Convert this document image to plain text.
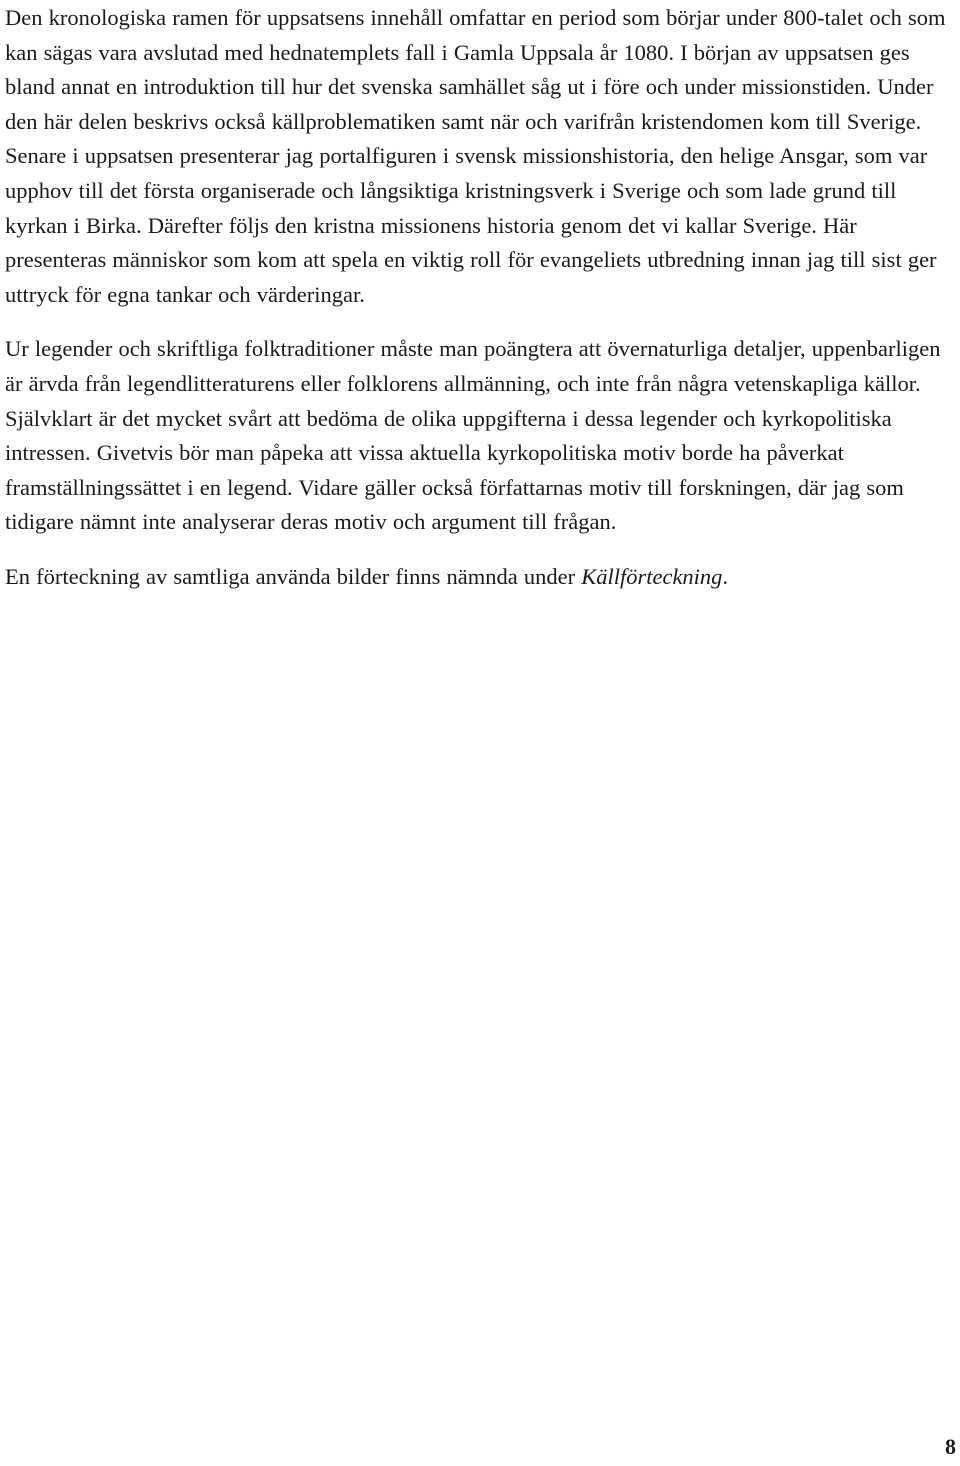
Den kronologiska ramen för uppsatsens innehåll omfattar en period som börjar under 800-talet och som kan sägas vara avslutad med hednatemplets fall i Gamla Uppsala år 1080. I början av uppsatsen ges bland annat en introduktion till hur det svenska samhället såg ut i före och under missionstiden. Under den här delen beskrivs också källproblematiken samt när och varifrån kristendomen kom till Sverige. Senare i uppsatsen presenterar jag portalfiguren i svensk missionshistoria, den helige Ansgar, som var upphov till det första organiserade och långsiktiga kristningsverk i Sverige och som lade grund till kyrkan i Birka. Därefter följs den kristna missionens historia genom det vi kallar Sverige. Här presenteras människor som kom att spela en viktig roll för evangeliets utbredning innan jag till sist ger uttryck för egna tankar och värderingar.

Ur legender och skriftliga folktraditioner måste man poängtera att övernaturliga detaljer, uppenbarligen är ärvda från legendlitteraturens eller folklorens allmänning, och inte från några vetenskapliga källor. Självklart är det mycket svårt att bedöma de olika uppgifterna i dessa legender och kyrkopolitiska intressen. Givetvis bör man påpeka att vissa aktuella kyrkopolitiska motiv borde ha påverkat framställningssättet i en legend. Vidare gäller också författarnas motiv till forskningen, där jag som tidigare nämnt inte analyserar deras motiv och argument till frågan.

En förteckning av samtliga använda bilder finns nämnda under Källförteckning.

8
